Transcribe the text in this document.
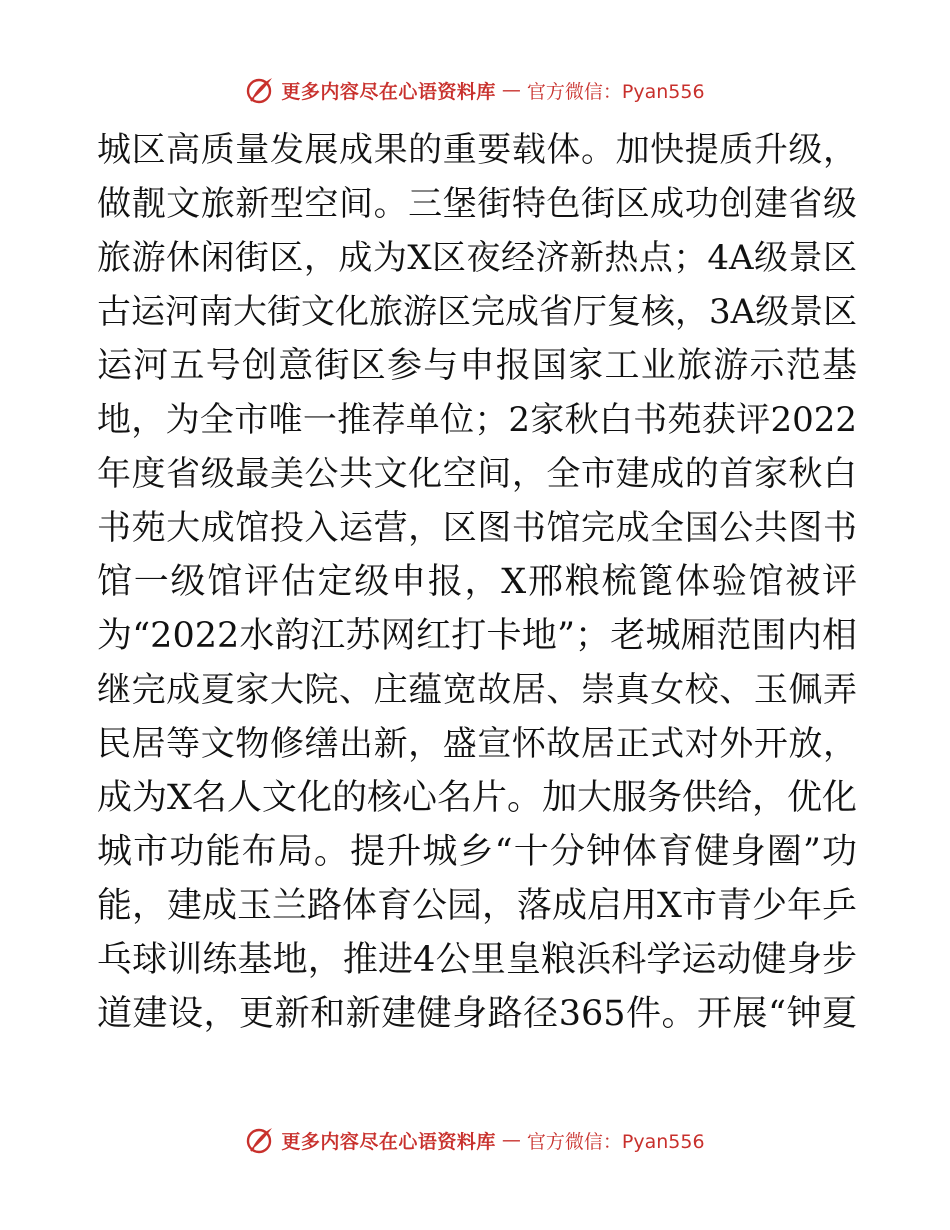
更多内容尽在心语资料库 — 官方微信：Pyan556
城区高质量发展成果的重要载体。加快提质升级，
做靓文旅新型空间。三堡街特色街区成功创建省级
旅游休闲街区，成为X区夜经济新热点；4A级景区
古运河南大街文化旅游区完成省厅复核，3A级景区
运河五号创意街区参与申报国家工业旅游示范基
地，为全市唯一推荐单位；2家秋白书苑获评2022
年度省级最美公共文化空间，全市建成的首家秋白
书苑大成馆投入运营，区图书馆完成全国公共图书
馆一级馆评估定级申报，X邢粮梳篦体验馆被评
为“2022水韵江苏网红打卡地”；老城厢范围内相
继完成夏家大院、庄蕴宽故居、崇真女校、玉佩弄
民居等文物修缮出新，盛宣怀故居正式对外开放，
成为X名人文化的核心名片。加大服务供给，优化
城市功能布局。提升城乡“十分钟体育健身圈”功
能，建成玉兰路体育公园，落成启用X市青少年乒
乓球训练基地，推进4公里皇粮浜科学运动健身步
道建设，更新和新建健身路径365件。开展“钟夏
更多内容尽在心语资料库 — 官方微信：Pyan556
